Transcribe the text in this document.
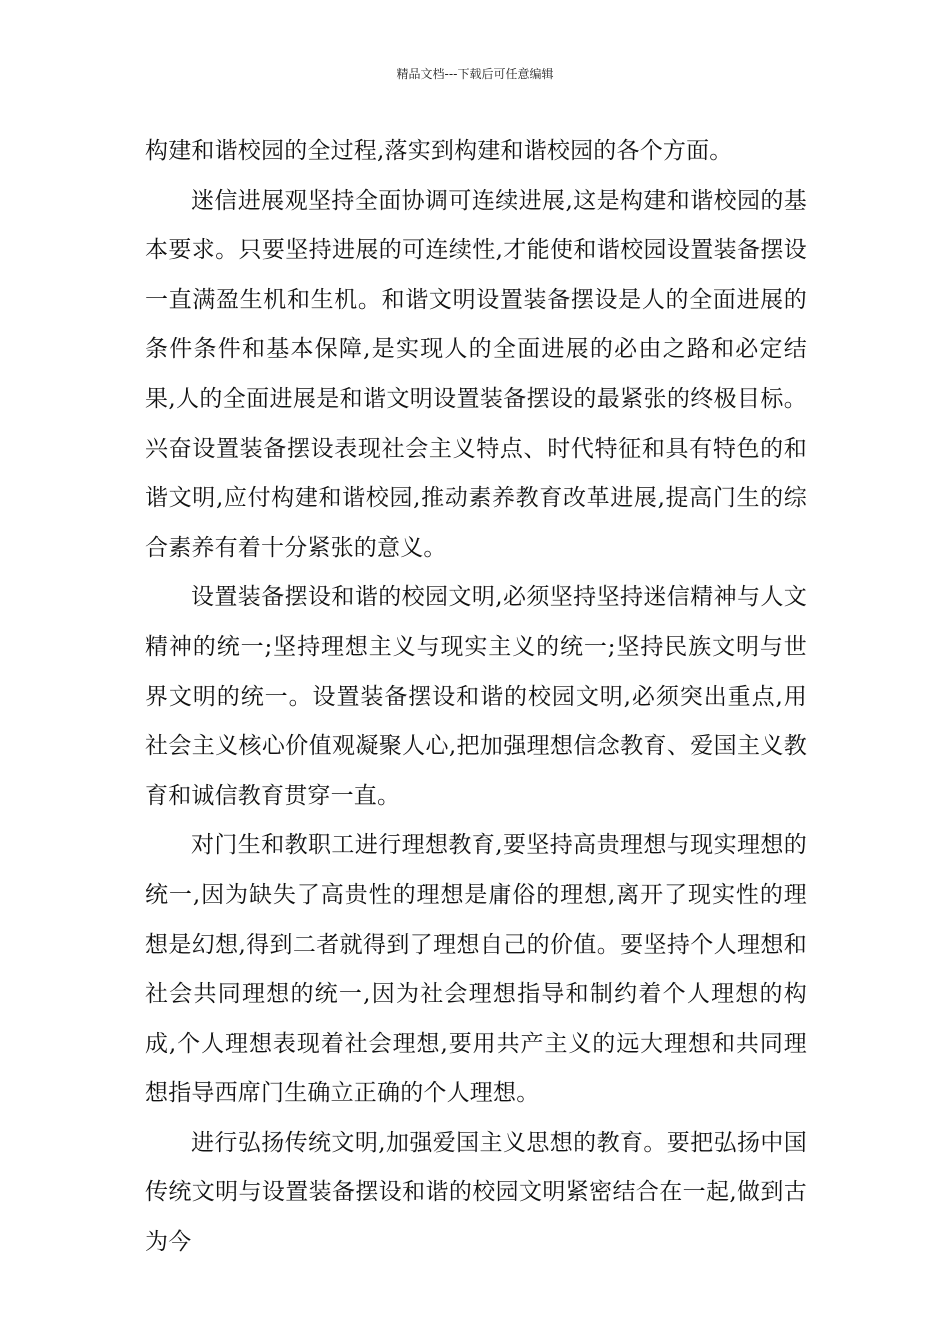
精品文档---下载后可任意编辑

构建和谐校园的全过程,落实到构建和谐校园的各个方面。

迷信进展观坚持全面协调可连续进展,这是构建和谐校园的基本要求。只要坚持进展的可连续性,才能使和谐校园设置装备摆设一直满盈生机和生机。和谐文明设置装备摆设是人的全面进展的条件条件和基本保障,是实现人的全面进展的必由之路和必定结果,人的全面进展是和谐文明设置装备摆设的最紧张的终极目标。兴奋设置装备摆设表现社会主义特点、时代特征和具有特色的和谐文明,应付构建和谐校园,推动素养教育改革进展,提高门生的综合素养有着十分紧张的意义。

设置装备摆设和谐的校园文明,必须坚持坚持迷信精神与人文精神的统一;坚持理想主义与现实主义的统一;坚持民族文明与世界文明的统一。设置装备摆设和谐的校园文明,必须突出重点,用社会主义核心价值观凝聚人心,把加强理想信念教育、爱国主义教育和诚信教育贯穿一直。

对门生和教职工进行理想教育,要坚持高贵理想与现实理想的统一,因为缺失了高贵性的理想是庸俗的理想,离开了现实性的理想是幻想,得到二者就得到了理想自己的价值。要坚持个人理想和社会共同理想的统一,因为社会理想指导和制约着个人理想的构成,个人理想表现着社会理想,要用共产主义的远大理想和共同理想指导西席门生确立正确的个人理想。

进行弘扬传统文明,加强爱国主义思想的教育。要把弘扬中国传统文明与设置装备摆设和谐的校园文明紧密结合在一起,做到古为今
